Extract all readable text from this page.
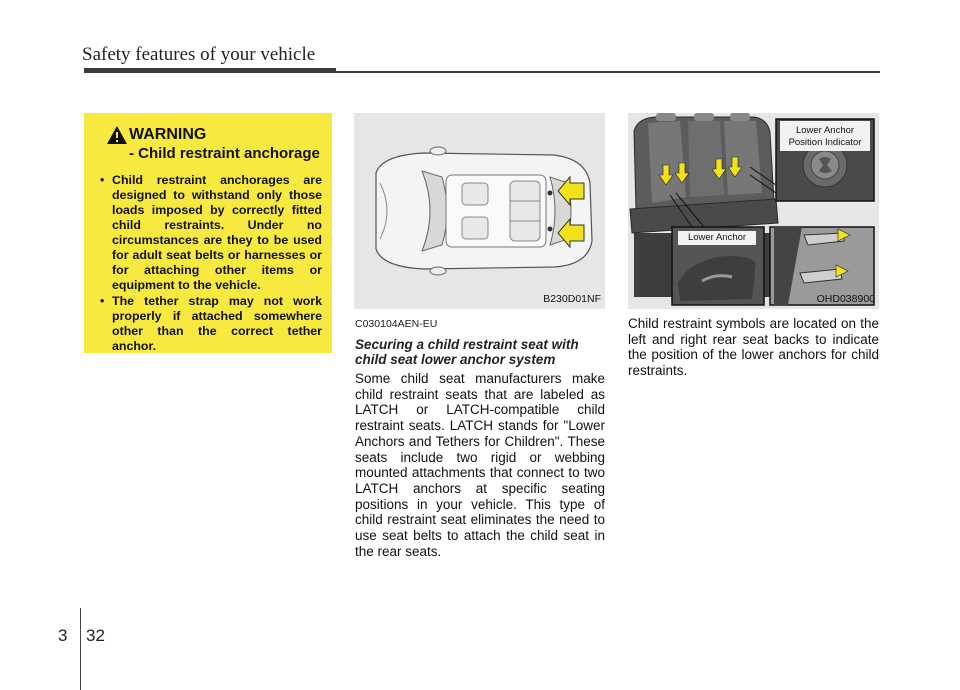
Safety features of your vehicle
WARNING
- Child restraint anchorage
• Child restraint anchorages are designed to withstand only those loads imposed by correctly fitted child restraints. Under no circumstances are they to be used for adult seat belts or harnesses or for attaching other items or equipment to the vehicle.
• The tether strap may not work properly if attached somewhere other than the correct tether anchor.
B230D01NF
Lower Anchor
Position Indicator
Lower Anchor
OHD038900
C030104AEN-EU
Securing a child restraint seat with
child seat lower anchor system
Some child seat manufacturers make child restraint seats that are labeled as LATCH or LATCH-compatible child restraint seats. LATCH stands for "Lower Anchors and Tethers for Children". These seats include two rigid or webbing mounted attachments that connect to two LATCH anchors at specific seating positions in your vehicle. This type of child restraint seat eliminates the need to use seat belts to attach the child seat in the rear seats.
Child restraint symbols are located on the left and right rear seat backs to indicate the position of the lower anchors for child restraints.
3 32
